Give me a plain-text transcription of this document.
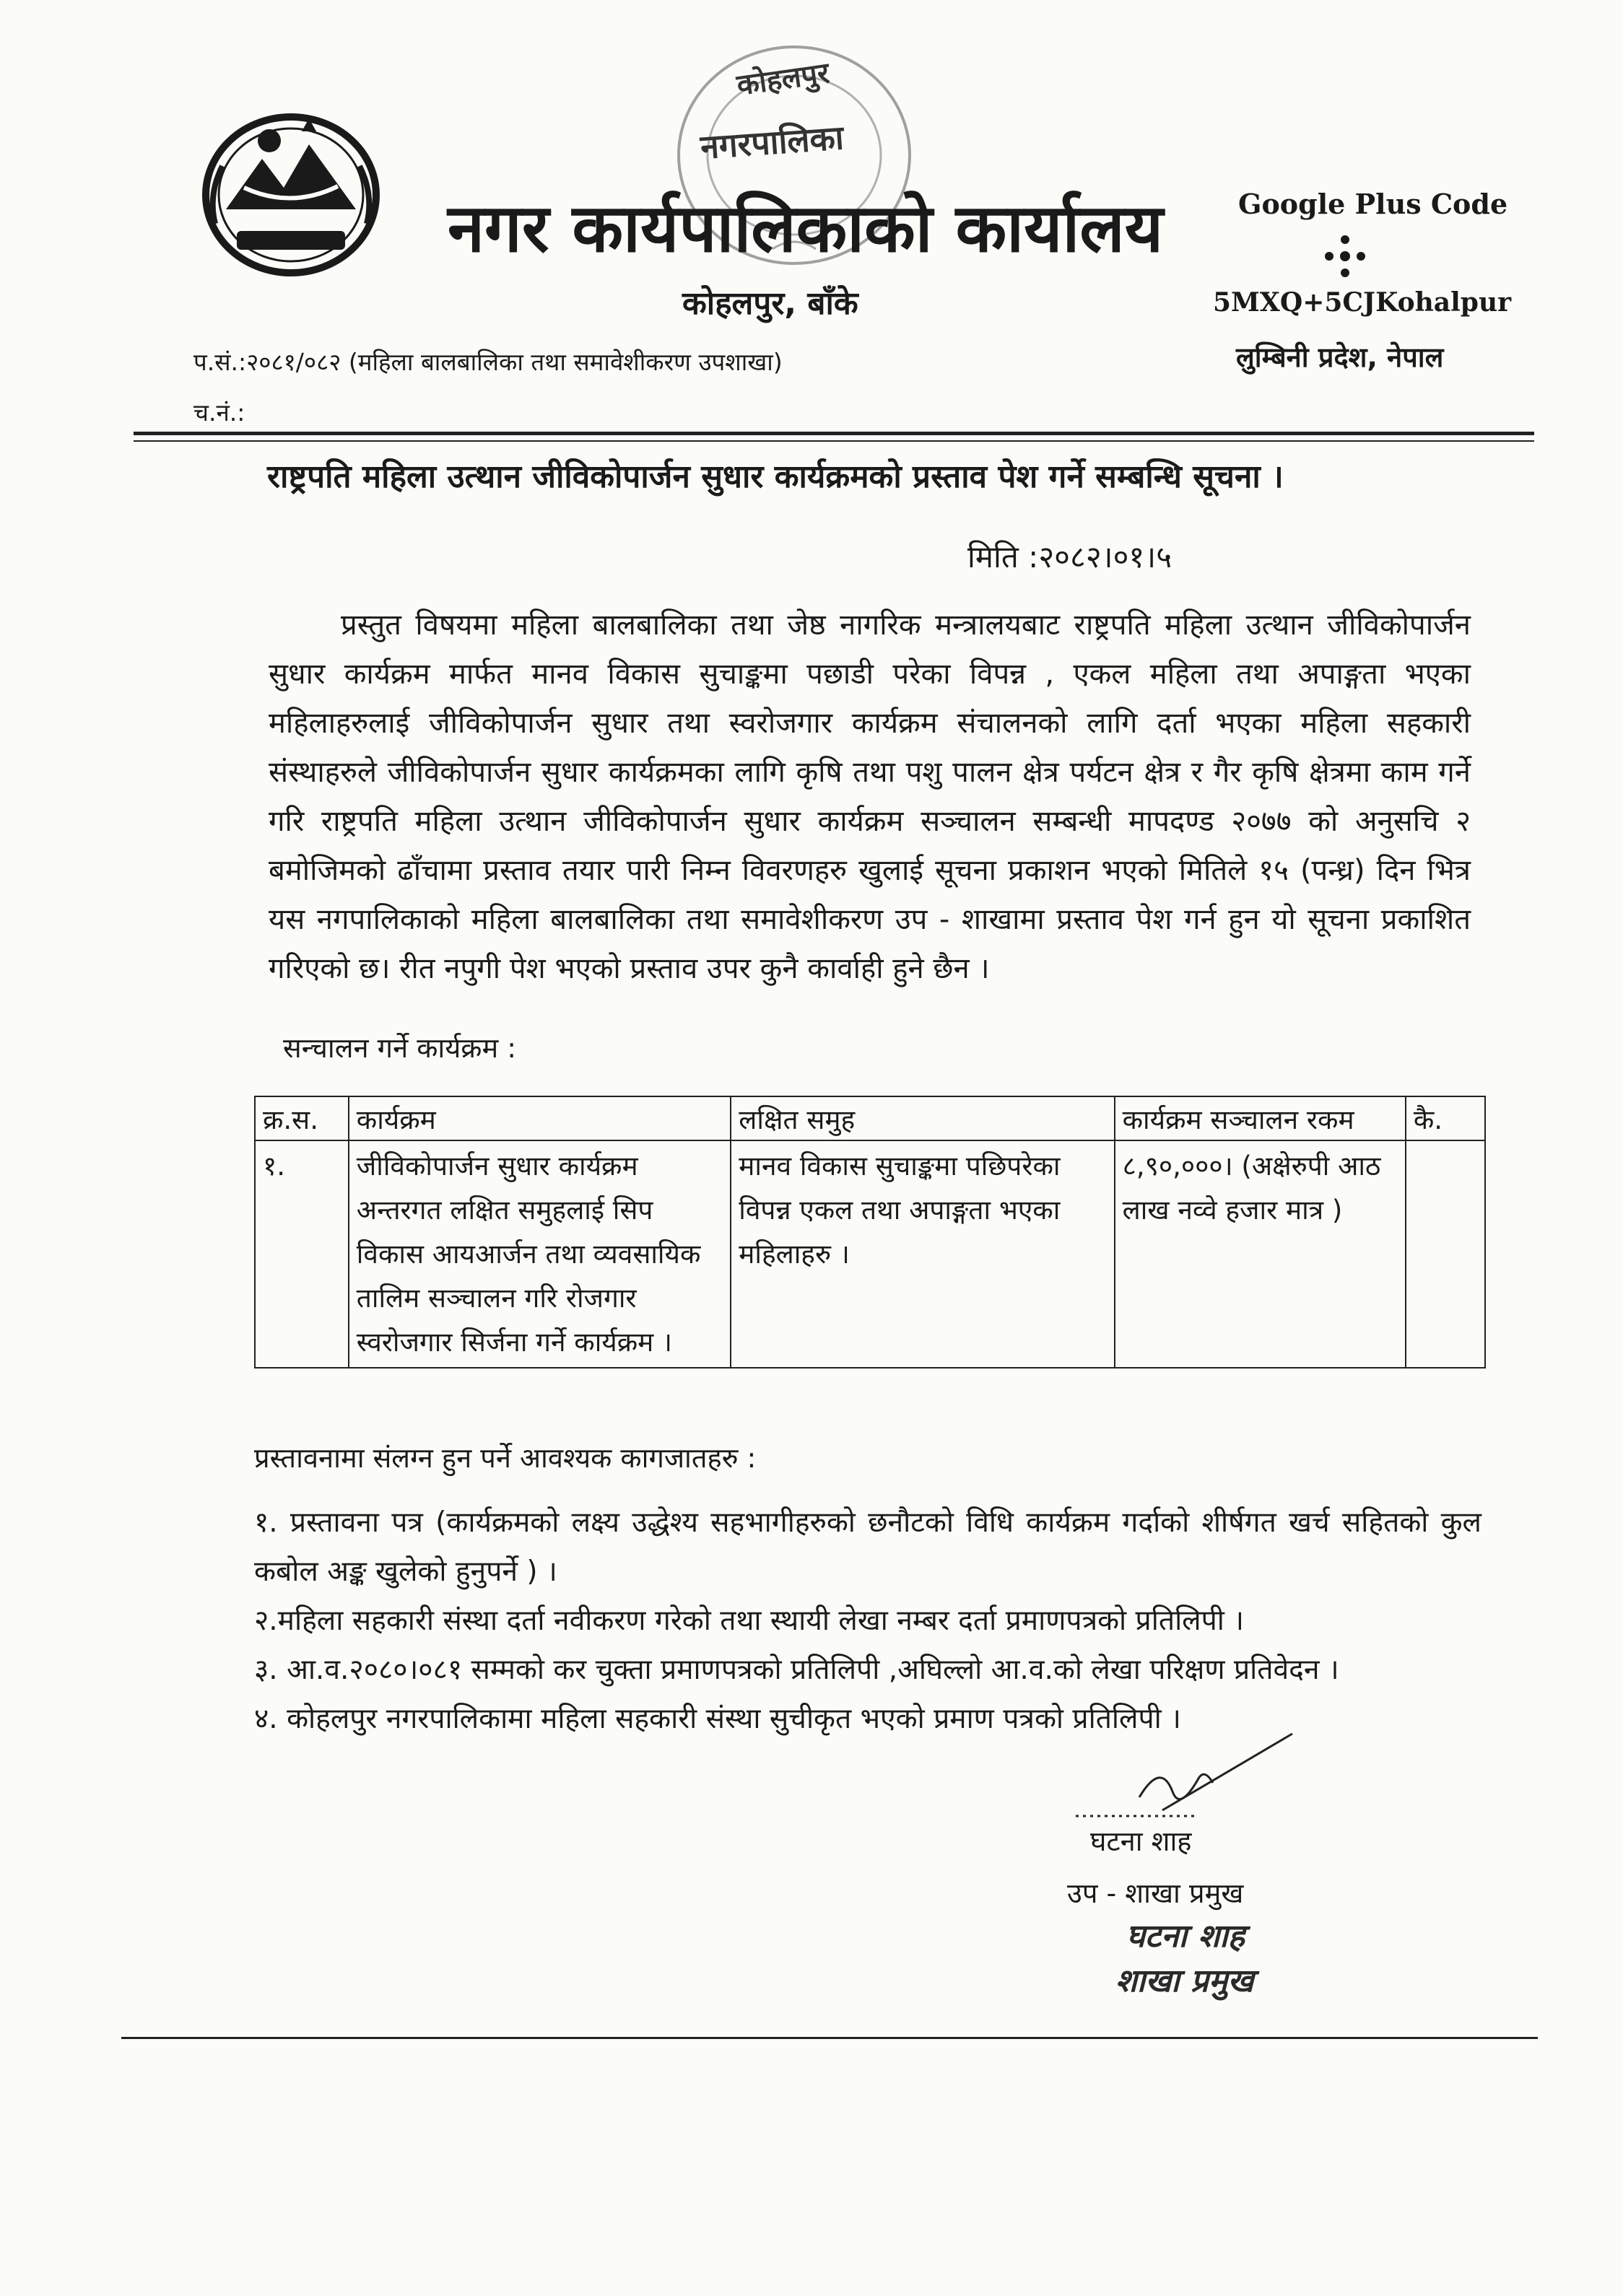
कोहलपुर
नगरपालिका
नगर कार्यपालिकाको कार्यालय
कोहलपुर, बाँके
Google Plus Code
5MXQ+5CJKohalpur
लुम्बिनी प्रदेश, नेपाल
प.सं.:२०८१/०८२ (महिला बालबालिका तथा समावेशीकरण उपशाखा)
च.नं.:
राष्ट्रपति महिला उत्थान जीविकोपार्जन सुधार कार्यक्रमको प्रस्ताव पेश गर्ने सम्बन्धि सूचना ।
मिति :२०८२।०१।५
प्रस्तुत विषयमा महिला बालबालिका तथा जेष्ठ नागरिक मन्त्रालयबाट राष्ट्रपति महिला उत्थान जीविकोपार्जन सुधार कार्यक्रम मार्फत मानव विकास सुचाङ्कमा पछाडी परेका विपन्न , एकल महिला तथा अपाङ्गता भएका महिलाहरुलाई जीविकोपार्जन सुधार तथा स्वरोजगार कार्यक्रम संचालनको लागि दर्ता भएका महिला सहकारी संस्थाहरुले जीविकोपार्जन सुधार कार्यक्रमका लागि कृषि तथा पशु पालन क्षेत्र पर्यटन क्षेत्र र गैर कृषि क्षेत्रमा काम गर्ने गरि राष्ट्रपति महिला उत्थान जीविकोपार्जन सुधार कार्यक्रम सञ्चालन सम्बन्धी मापदण्ड २०७७ को अनुसचि २ बमोजिमको ढाँचामा प्रस्ताव तयार पारी निम्न विवरणहरु खुलाई सूचना प्रकाशन भएको मितिले १५ (पन्ध्र) दिन भित्र यस नगपालिकाको महिला बालबालिका तथा समावेशीकरण उप - शाखामा प्रस्ताव पेश गर्न हुन यो सूचना प्रकाशित गरिएको छ। रीत नपुगी पेश भएको प्रस्ताव उपर कुनै कार्वाही हुने छैन ।
सन्चालन गर्ने कार्यक्रम :
क्र.स.	कार्यक्रम	लक्षित समुह	कार्यक्रम सञ्चालन रकम	कै.
१.	जीविकोपार्जन सुधार कार्यक्रम अन्तरगत लक्षित समुहलाई सिप विकास आयआर्जन तथा व्यवसायिक तालिम सञ्चालन गरि रोजगार स्वरोजगार सिर्जना गर्ने कार्यक्रम ।	मानव विकास सुचाङ्कमा पछिपरेका विपन्न एकल तथा अपाङ्गता भएका महिलाहरु ।	८,९०,०००। (अक्षेरुपी आठ लाख नव्वे हजार मात्र )	
प्रस्तावनामा संलग्न हुन पर्ने आवश्यक कागजातहरु :
१. प्रस्तावना पत्र (कार्यक्रमको लक्ष्य उद्धेश्य सहभागीहरुको छनौटको विधि कार्यक्रम गर्दाको शीर्षगत खर्च सहितको कुल कबोल अङ्क खुलेको हुनुपर्ने ) ।
२.महिला सहकारी संस्था दर्ता नवीकरण गरेको तथा स्थायी लेखा नम्बर दर्ता प्रमाणपत्रको प्रतिलिपी ।
३. आ.व.२०८०।०८१ सम्मको कर चुक्ता प्रमाणपत्रको प्रतिलिपी ,अघिल्लो आ.व.को लेखा परिक्षण प्रतिवेदन ।
४. कोहलपुर नगरपालिकामा महिला सहकारी संस्था सुचीकृत भएको प्रमाण पत्रको प्रतिलिपी ।
घटना शाह
उप - शाखा प्रमुख
घटना शाह
शाखा प्रमुख
